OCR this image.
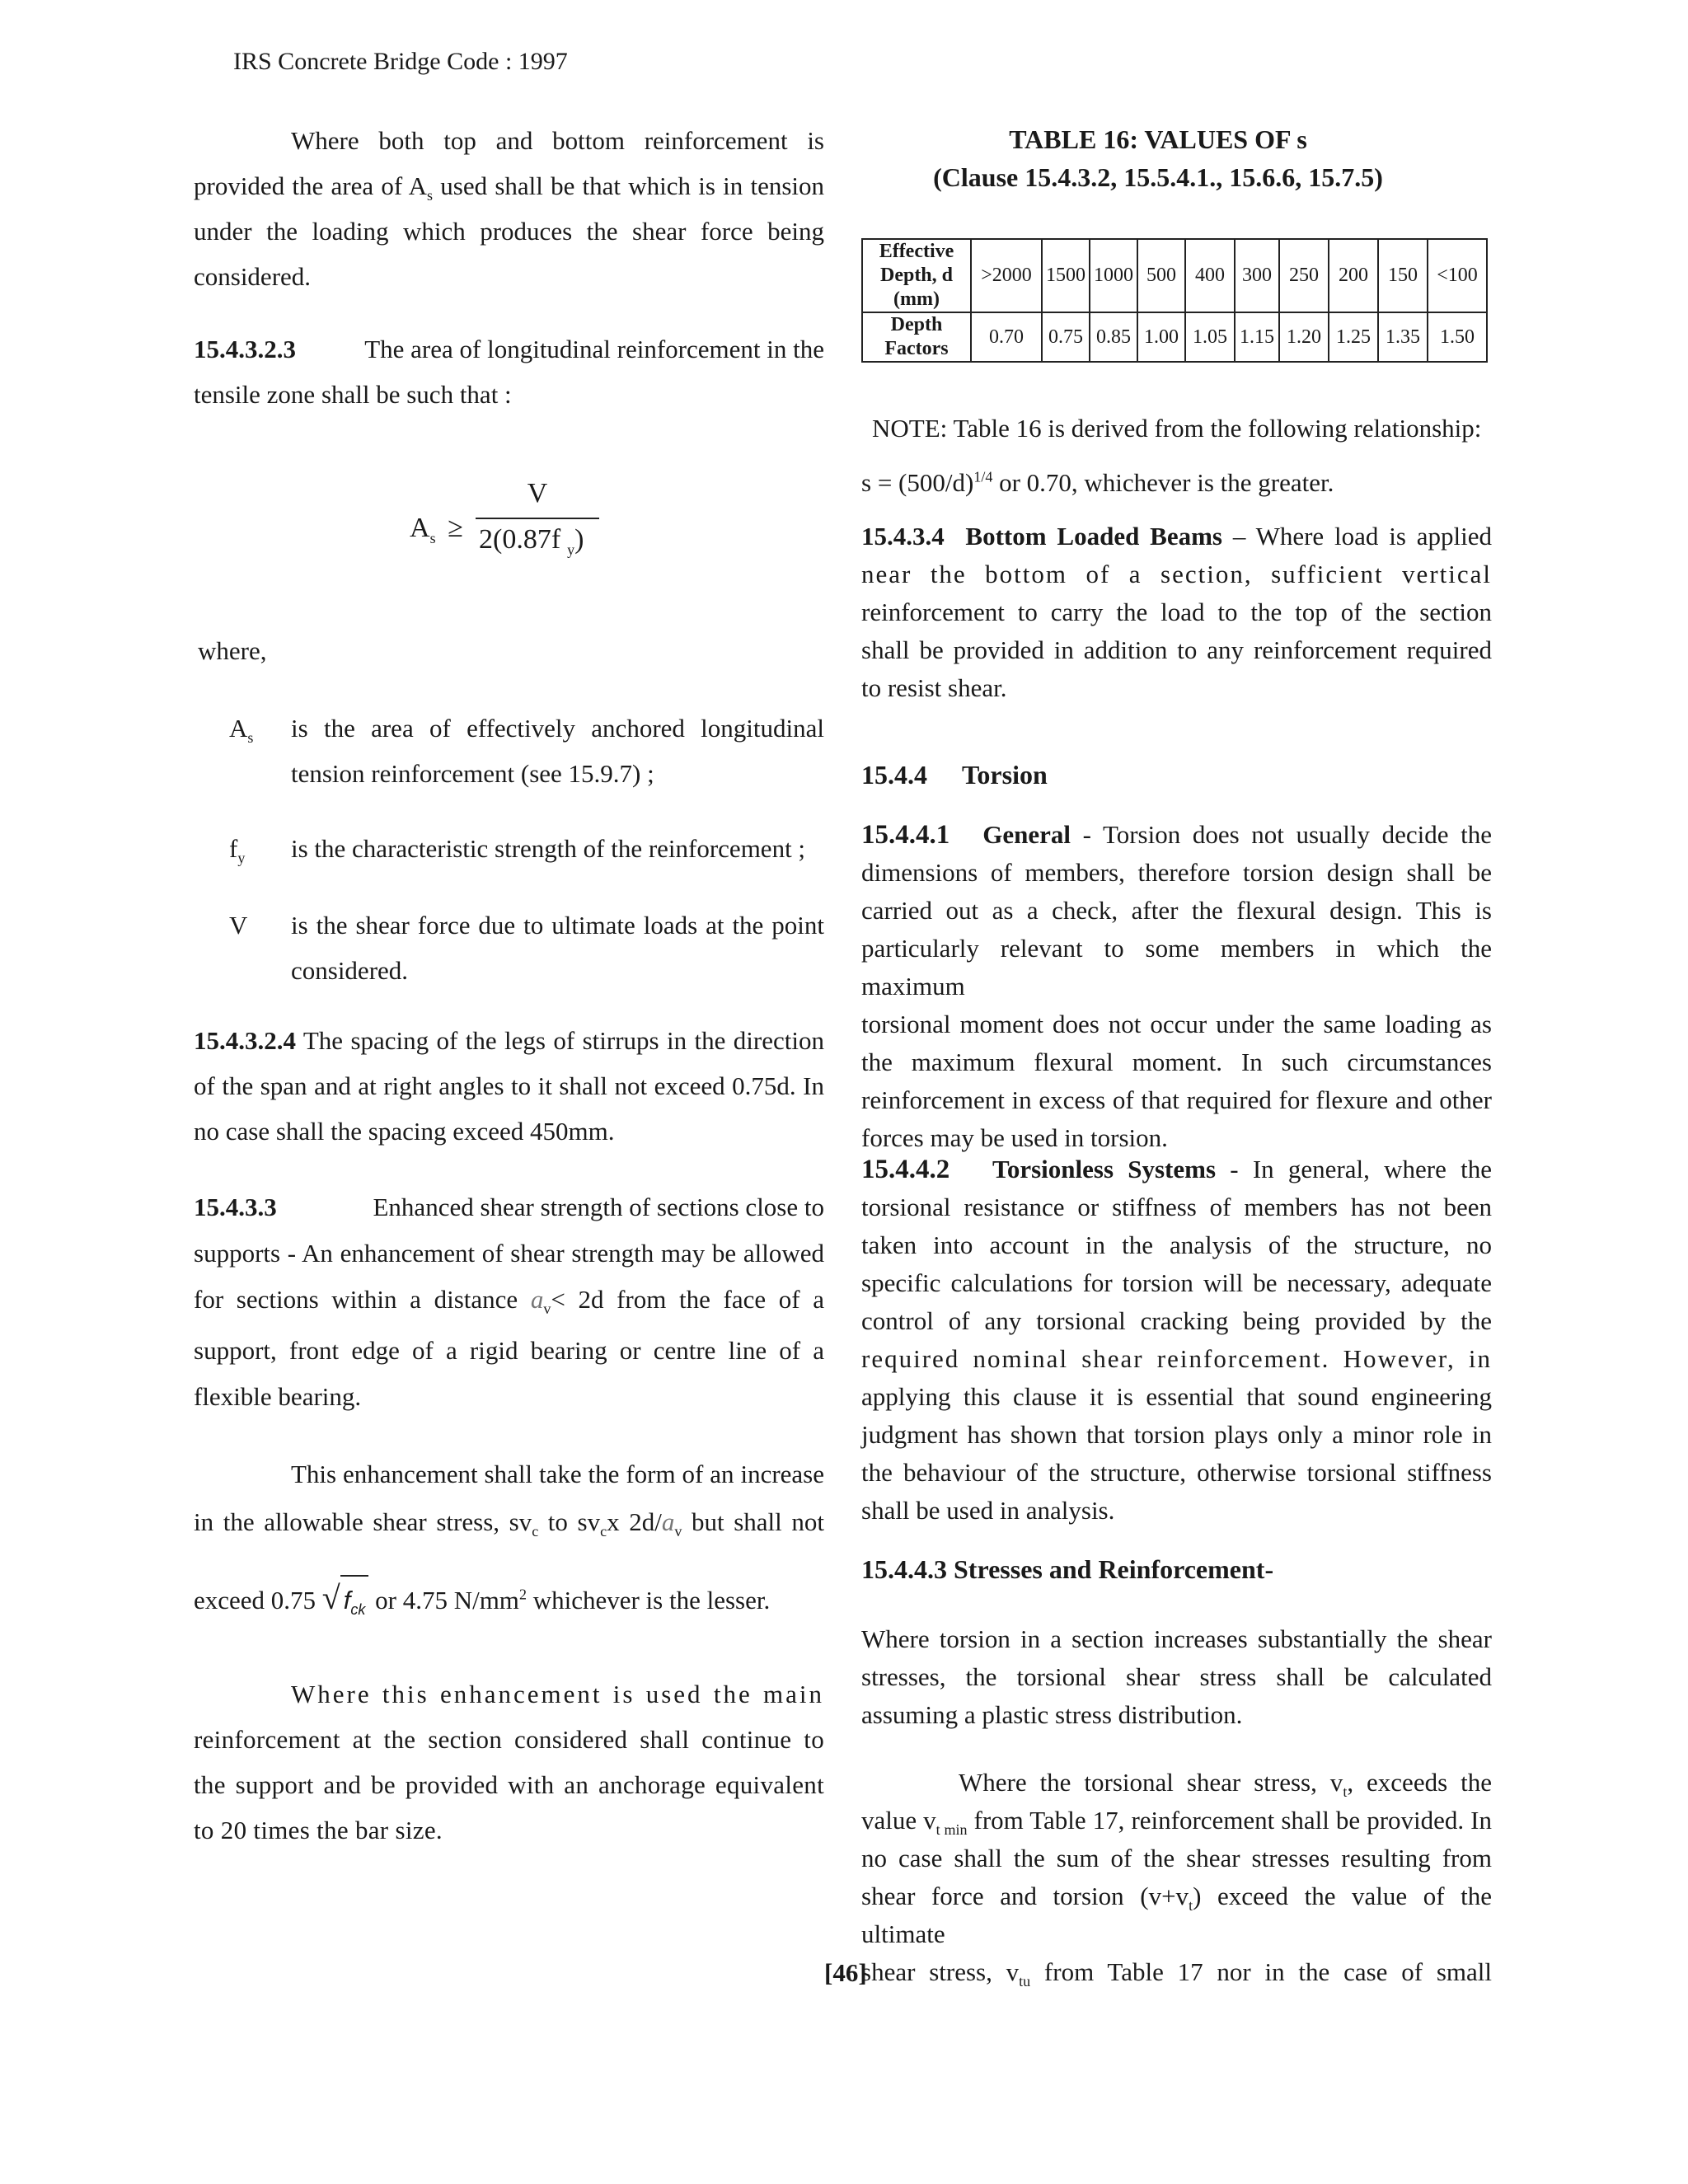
IRS Concrete Bridge Code : 1997
Where both top and bottom reinforcement is
provided the area of $A_s$ used shall be that which is in tension
under the loading which produces the shear force being
considered.
15.4.3.2.3	The area of longitudinal reinforcement in the
tensile zone shall be such that :
$A_s$ ≥
V
2(0.87f $_y$)
where,
$A_s$ is the area of effectively anchored longitudinal
tension reinforcement (see 15.9.7) ;
$f_y$ is the characteristic strength of the reinforcement ;
V is the shear force due to ultimate loads at the point
considered.
15.4.3.2.4 The spacing of the legs of stirrups in the direction
of the span and at right angles to it shall not exceed 0.75d. In
no case shall the spacing exceed 450mm.
15.4.3.3	Enhanced shear strength of sections close to
supports - An enhancement of shear strength may be allowed
for sections within a distance $a_v< 2d$ from the face of a
support, front edge of a rigid bearing or centre line of a
flexible bearing.
This enhancement shall take the form of an increase
in the allowable shear stress, $sv_c$ to $sv_cx$ $2d/a_v$ but shall not
exceed 0.75 √ $f_{ck}$ or 4.75 $N/mm^2$ whichever is the lesser.
Where this enhancement is used the main
reinforcement at the section considered shall continue to
the support and be provided with an anchorage equivalent
to 20 times the bar size.
TABLE 16: VALUES OF s
(Clause 15.4.3.2, 15.5.4.1., 15.6.6, 15.7.5)
Effective
Depth, d
(mm)	>2000	1500	1000	500	400	300	250	200	150	<100

Depth
Factors	0.70	0.75	0.85	1.00	1.05	1.15	1.20	1.25	1.35	1.50
NOTE: Table 16 is derived from the following relationship:
$s = (500/d)^{1/4}$ or 0.70, whichever is the greater.
15.4.3.4 Bottom Loaded Beams – Where load is applied
near the bottom of a section, sufficient vertical
reinforcement to carry the load to the top of the section
shall be provided in addition to any reinforcement required
to resist shear.
15.4.4 Torsion
15.4.4.1 General - Torsion does not usually decide the
dimensions of members, therefore torsion design shall be
carried out as a check, after the flexural design. This is
particularly relevant to some members in which the maximum
torsional moment does not occur under the same loading as
the maximum flexural moment. In such circumstances
reinforcement in excess of that required for flexure and other
forces may be used in torsion.
15.4.4.2 Torsionless Systems - In general, where the
torsional resistance or stiffness of members has not been
taken into account in the analysis of the structure, no
specific calculations for torsion will be necessary, adequate
control of any torsional cracking being provided by the
required nominal shear reinforcement. However, in
applying this clause it is essential that sound engineering
judgment has shown that torsion plays only a minor role in
the behaviour of the structure, otherwise torsional stiffness
shall be used in analysis.
15.4.4.3 Stresses and Reinforcement-
Where torsion in a section increases substantially the shear
stresses, the torsional shear stress shall be calculated
assuming a plastic stress distribution.
Where the torsional shear stress, $v_t$, exceeds the
value $v_{t min}$ from Table 17, reinforcement shall be provided. In
no case shall the sum of the shear stresses resulting from
shear force and torsion $(v+v_t)$ exceed the value of the ultimate
shear stress, $v_{tu}$ from Table 17 nor in the case of small
[46]
